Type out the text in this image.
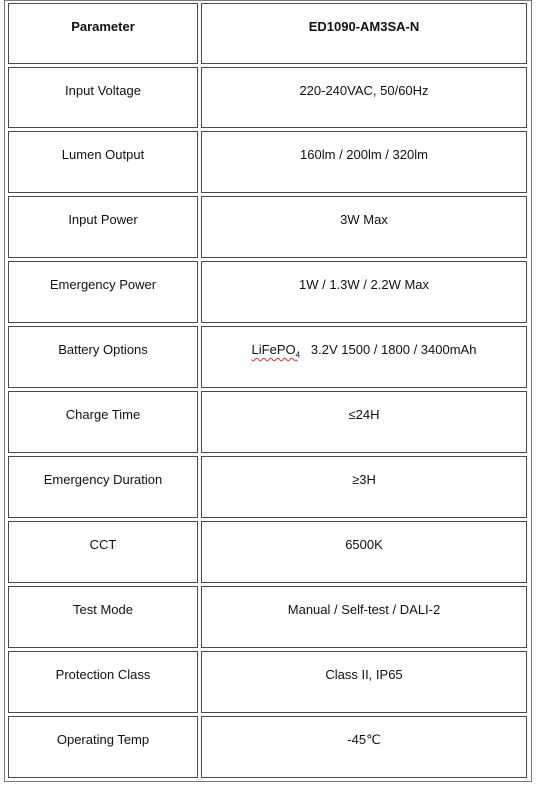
Parameter	ED1090-AM3SA-N
Input Voltage	220-240VAC, 50/60Hz
Lumen Output	160lm / 200lm / 320lm
Input Power	3W Max
Emergency Power	1W / 1.3W / 2.2W Max
Battery Options	LiFePO$_4$ 3.2V 1500 / 1800 / 3400mAh
Charge Time	≤24H
Emergency Duration	≥3H
CCT	6500K
Test Mode	Manual / Self-test / DALI-2
Protection Class	Class II, IP65
Operating Temp	-45℃
